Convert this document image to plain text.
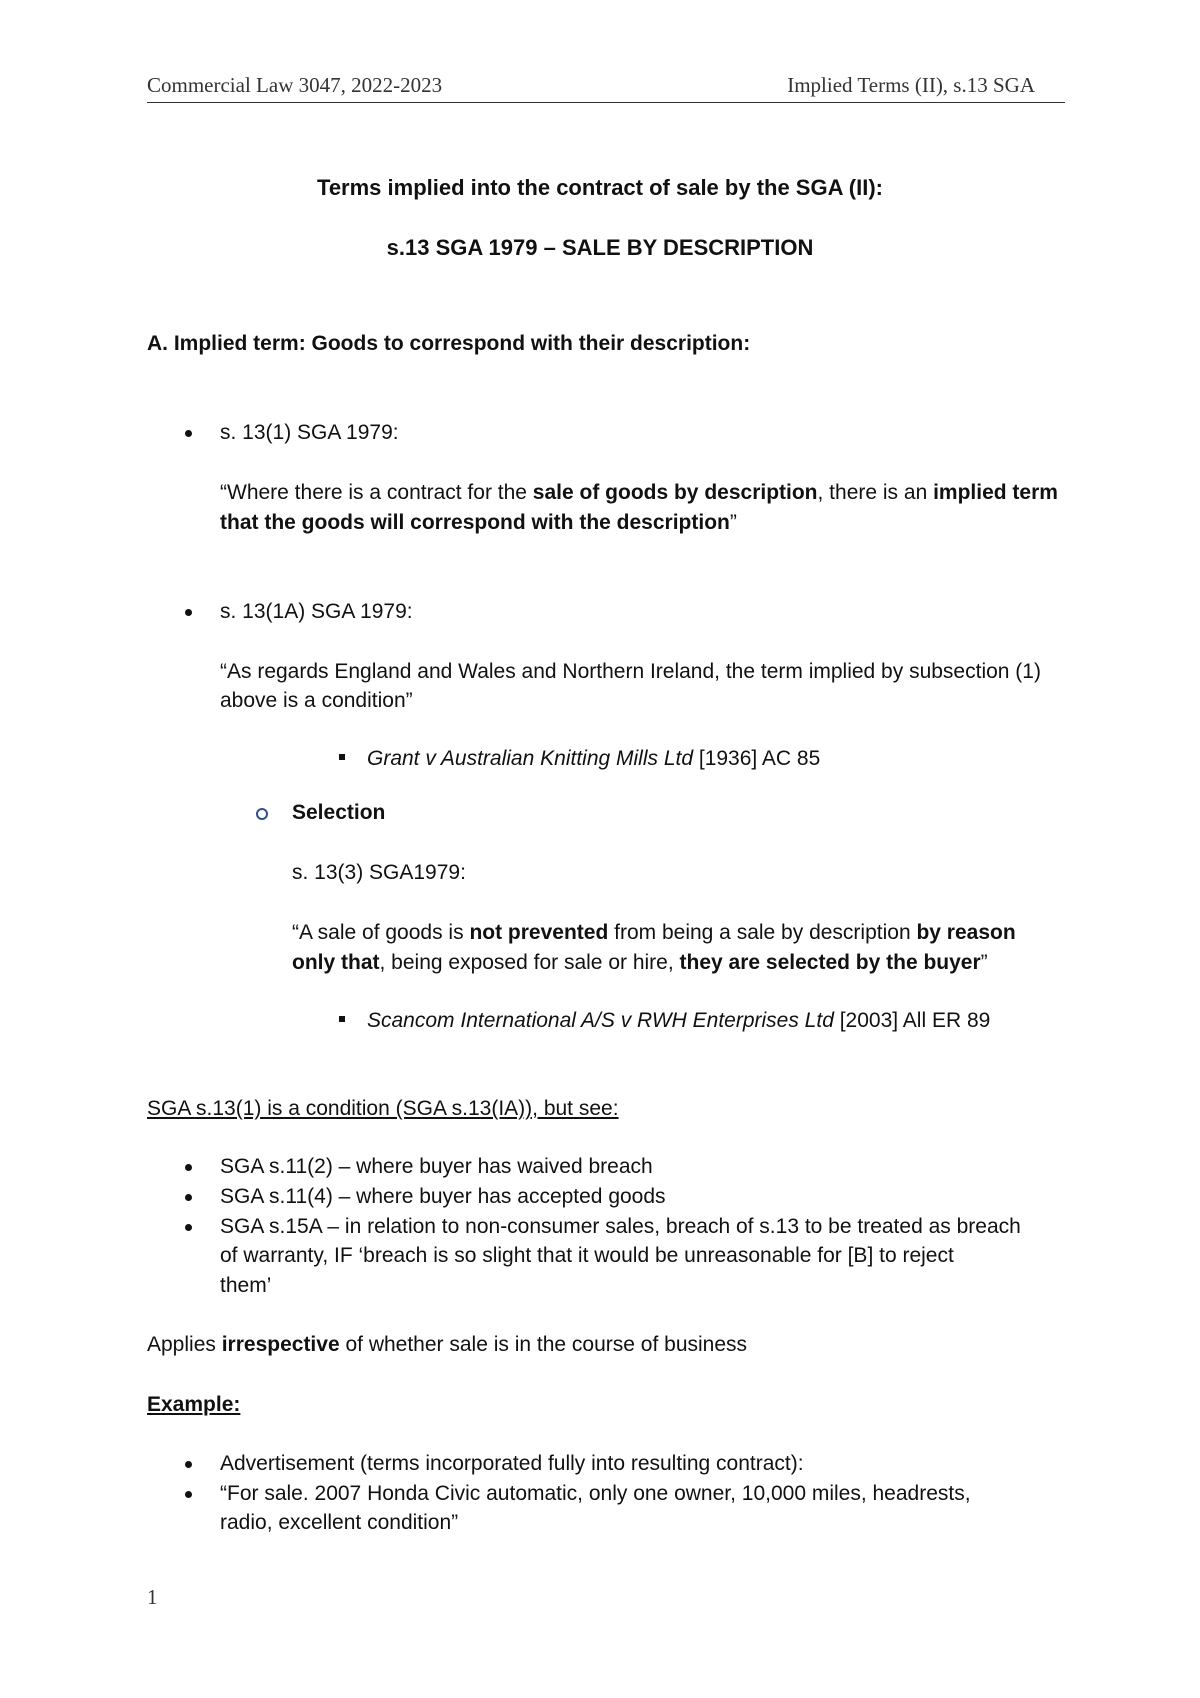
Commercial Law 3047, 2022-2023	Implied Terms (II), s.13 SGA
Terms implied into the contract of sale by the SGA (II):
s.13 SGA 1979 – SALE BY DESCRIPTION
A. Implied term: Goods to correspond with their description:
s. 13(1) SGA 1979:
“Where there is a contract for the sale of goods by description, there is an implied term
that the goods will correspond with the description”
s. 13(1A) SGA 1979:
“As regards England and Wales and Northern Ireland, the term implied by subsection (1)
above is a condition”
Grant v Australian Knitting Mills Ltd [1936] AC 85
Selection
s. 13(3) SGA1979:
“A sale of goods is not prevented from being a sale by description by reason
only that, being exposed for sale or hire, they are selected by the buyer”
Scancom International A/S v RWH Enterprises Ltd [2003] All ER 89
SGA s.13(1) is a condition (SGA s.13(IA)), but see:
SGA s.11(2) – where buyer has waived breach
SGA s.11(4) – where buyer has accepted goods
SGA s.15A – in relation to non-consumer sales, breach of s.13 to be treated as breach
of warranty, IF ‘breach is so slight that it would be unreasonable for [B] to reject
them’
Applies irrespective of whether sale is in the course of business
Example:
Advertisement (terms incorporated fully into resulting contract):
“For sale. 2007 Honda Civic automatic, only one owner, 10,000 miles, headrests,
radio, excellent condition”
1
